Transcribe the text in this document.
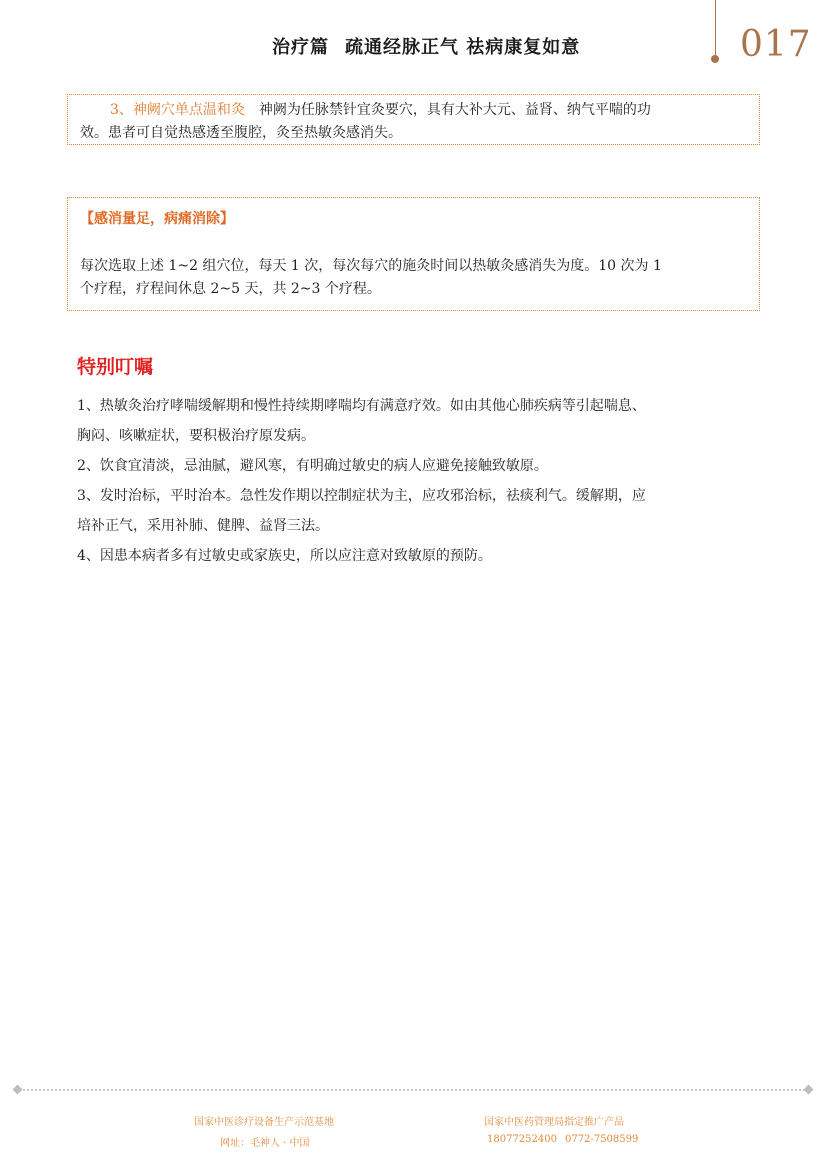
治疗篇 疏通经脉正气 祛病康复如意	017
3、神阙穴单点温和灸 神阙为任脉禁针宜灸要穴，具有大补大元、益肾、纳气平喘的功
效。患者可自觉热感透至腹腔，灸至热敏灸感消失。
【感消量足，病痛消除】
每次选取上述 1~2 组穴位，每天 1 次，每次每穴的施灸时间以热敏灸感消失为度。10 次为 1
个疗程，疗程间休息 2~5 天，共 2~3 个疗程。
特别叮嘱

1、热敏灸治疗哮喘缓解期和慢性持续期哮喘均有满意疗效。如由其他心肺疾病等引起喘息、

胸闷、咳嗽症状，要积极治疗原发病。

2、饮食宜清淡，忌油腻，避风寒，有明确过敏史的病人应避免接触致敏原。

3、发时治标，平时治本。急性发作期以控制症状为主，应攻邪治标，祛痰利气。缓解期，应

培补正气，采用补肺、健脾、益肾三法。

4、因患本病者多有过敏史或家族史，所以应注意对致敏原的预防。

国家中医诊疗设备生产示范基地
网址：毛神人 · 中国
国家中医药管理局指定推广产品
18077252400 0772-7508599
